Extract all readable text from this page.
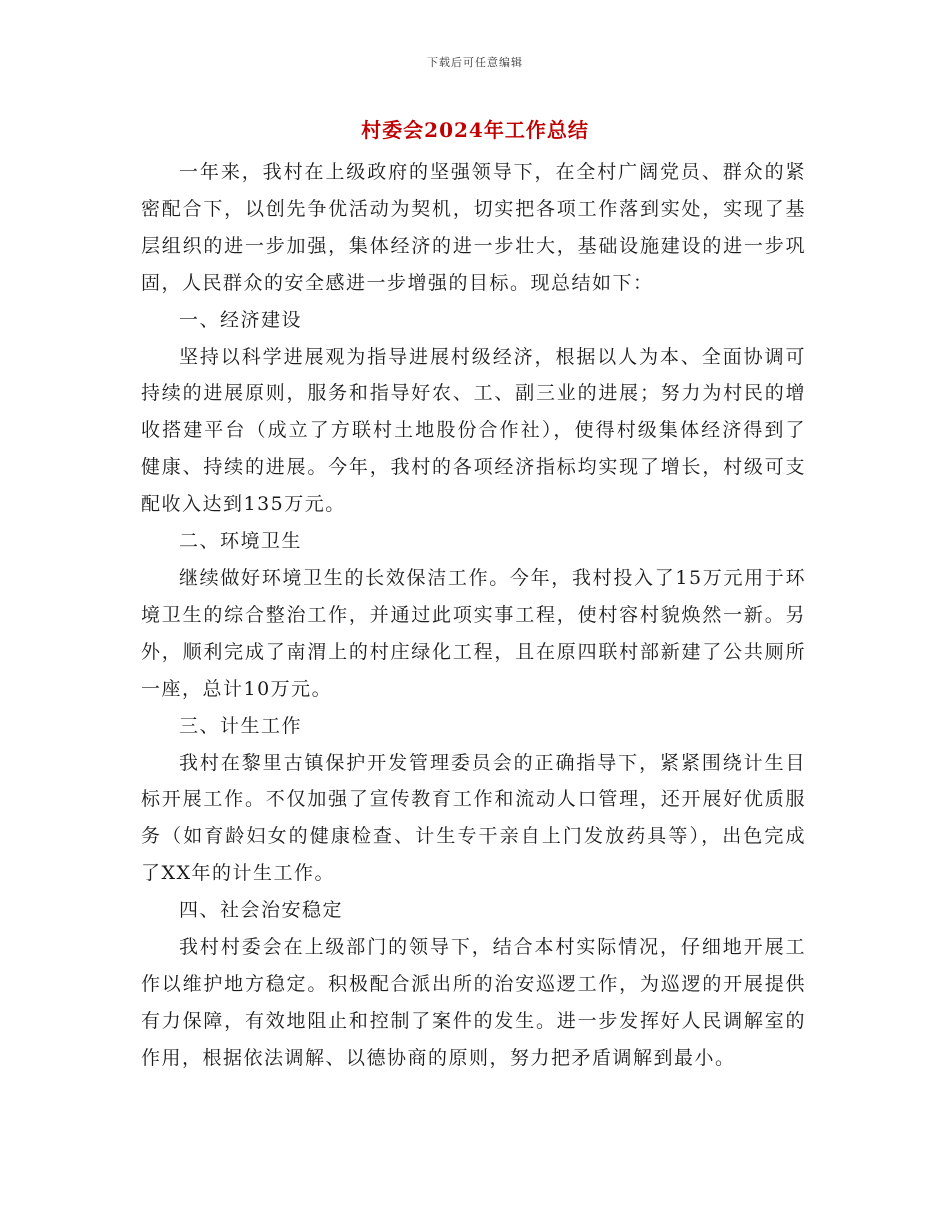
下载后可任意编辑
村委会2024年工作总结

一年来，我村在上级政府的坚强领导下，在全村广阔党员、群众的紧密配合下，以创先争优活动为契机，切实把各项工作落到实处，实现了基层组织的进一步加强，集体经济的进一步壮大，基础设施建设的进一步巩固，人民群众的安全感进一步增强的目标。现总结如下：

一、经济建设

坚持以科学进展观为指导进展村级经济，根据以人为本、全面协调可持续的进展原则，服务和指导好农、工、副三业的进展；努力为村民的增收搭建平台（成立了方联村土地股份合作社），使得村级集体经济得到了健康、持续的进展。今年，我村的各项经济指标均实现了增长，村级可支配收入达到135万元。

二、环境卫生

继续做好环境卫生的长效保洁工作。今年，我村投入了15万元用于环境卫生的综合整治工作，并通过此项实事工程，使村容村貌焕然一新。另外，顺利完成了南渭上的村庄绿化工程，且在原四联村部新建了公共厕所一座，总计10万元。

三、计生工作

我村在黎里古镇保护开发管理委员会的正确指导下，紧紧围绕计生目标开展工作。不仅加强了宣传教育工作和流动人口管理，还开展好优质服务（如育龄妇女的健康检查、计生专干亲自上门发放药具等），出色完成了XX年的计生工作。

四、社会治安稳定

我村村委会在上级部门的领导下，结合本村实际情况，仔细地开展工作以维护地方稳定。积极配合派出所的治安巡逻工作，为巡逻的开展提供有力保障，有效地阻止和控制了案件的发生。进一步发挥好人民调解室的作用，根据依法调解、以德协商的原则，努力把矛盾调解到最小。
